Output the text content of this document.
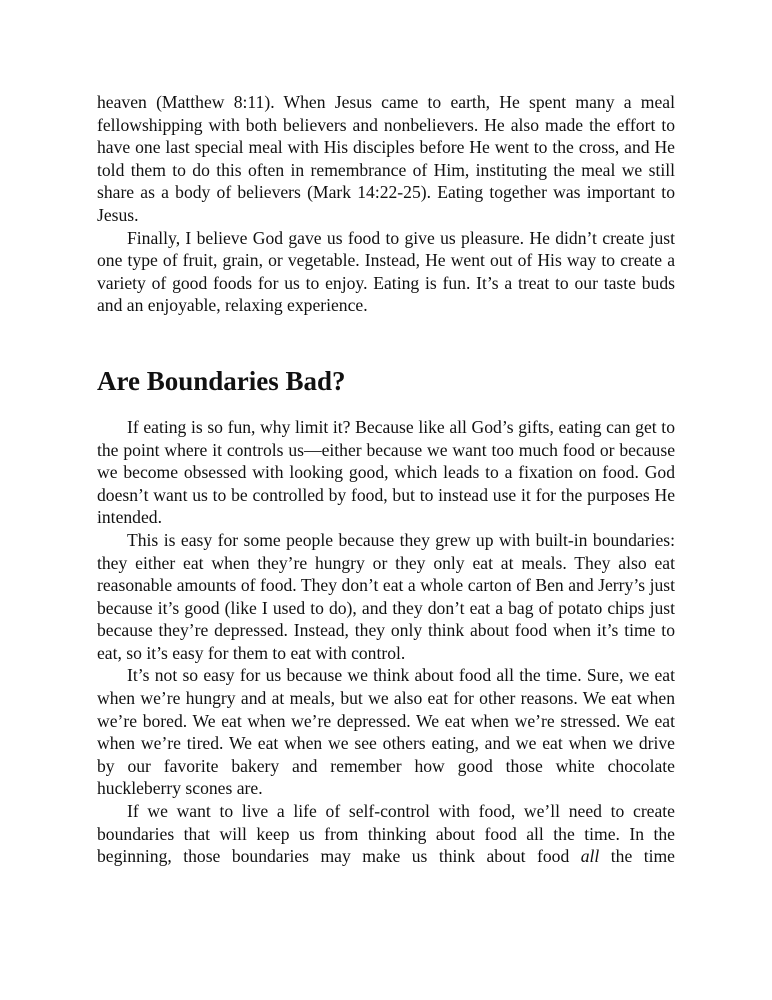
heaven (Matthew 8:11). When Jesus came to earth, He spent many a meal fellowshipping with both believers and nonbelievers. He also made the effort to have one last special meal with His disciples before He went to the cross, and He told them to do this often in remembrance of Him, instituting the meal we still share as a body of believers (Mark 14:22-25). Eating together was important to Jesus.

Finally, I believe God gave us food to give us pleasure. He didn’t create just one type of fruit, grain, or vegetable. Instead, He went out of His way to create a variety of good foods for us to enjoy. Eating is fun. It’s a treat to our taste buds and an enjoyable, relaxing experience.

Are Boundaries Bad?

If eating is so fun, why limit it? Because like all God’s gifts, eating can get to the point where it controls us—either because we want too much food or because we become obsessed with looking good, which leads to a fixation on food. God doesn’t want us to be controlled by food, but to instead use it for the purposes He intended.

This is easy for some people because they grew up with built-in boundaries: they either eat when they’re hungry or they only eat at meals. They also eat reasonable amounts of food. They don’t eat a whole carton of Ben and Jerry’s just because it’s good (like I used to do), and they don’t eat a bag of potato chips just because they’re depressed. Instead, they only think about food when it’s time to eat, so it’s easy for them to eat with control.

It’s not so easy for us because we think about food all the time. Sure, we eat when we’re hungry and at meals, but we also eat for other reasons. We eat when we’re bored. We eat when we’re depressed. We eat when we’re stressed. We eat when we’re tired. We eat when we see others eating, and we eat when we drive by our favorite bakery and remember how good those white chocolate huckleberry scones are.

If we want to live a life of self-control with food, we’ll need to create boundaries that will keep us from thinking about food all the time. In the beginning, those boundaries may make us think about food all the time
